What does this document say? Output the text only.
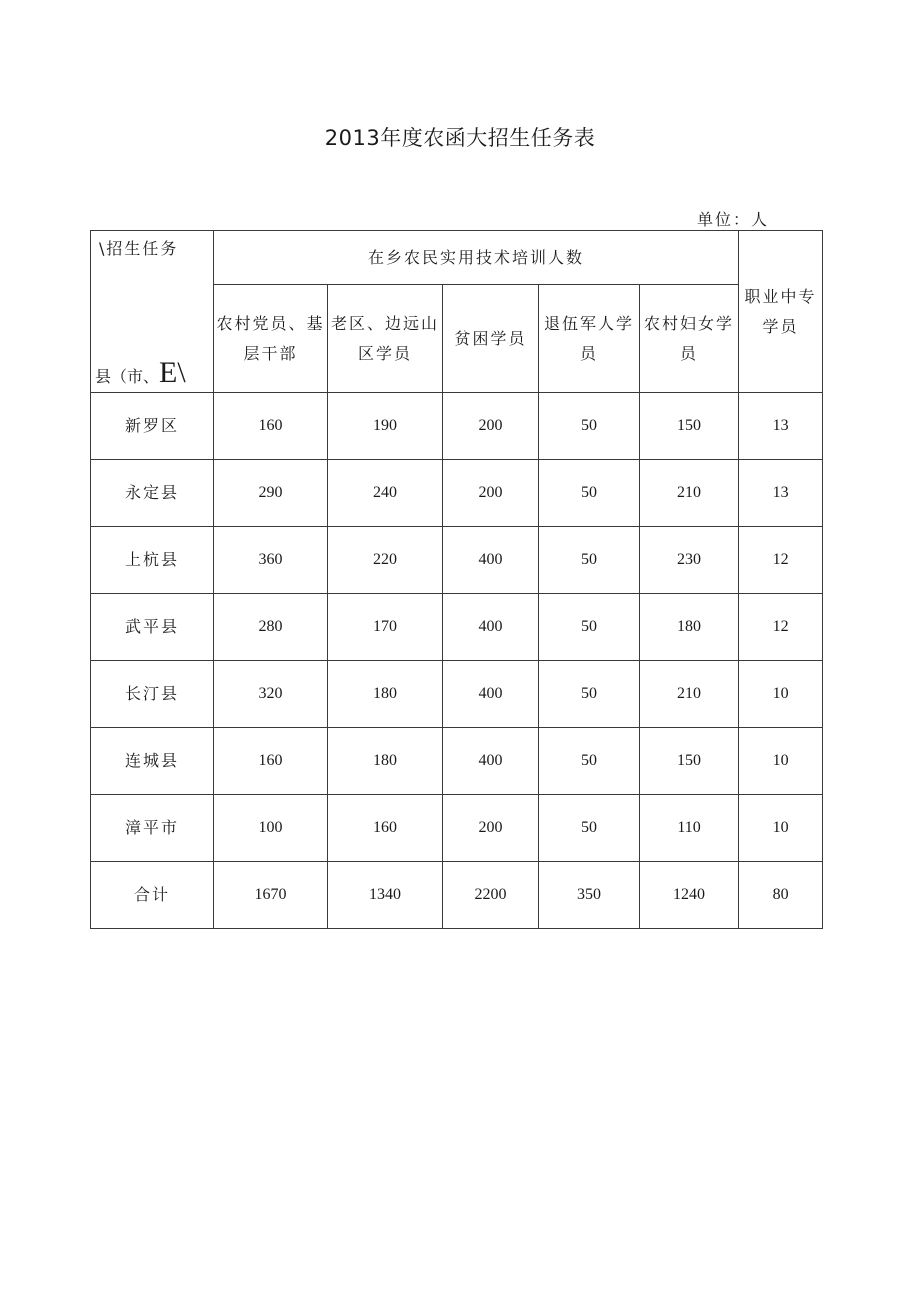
2013年度农函大招生任务表
单位：人
\招生任务
县（市、E\	在乡农民实用技术培训人数					职业中专学员
	农村党员、基层干部	老区、边远山区学员	贫困学员	退伍军人学员	农村妇女学员	
新罗区	160	190	200	50	150	13
永定县	290	240	200	50	210	13
上杭县	360	220	400	50	230	12
武平县	280	170	400	50	180	12
长汀县	320	180	400	50	210	10
连城县	160	180	400	50	150	10
漳平市	100	160	200	50	110	10
合计	1670	1340	2200	350	1240	80
